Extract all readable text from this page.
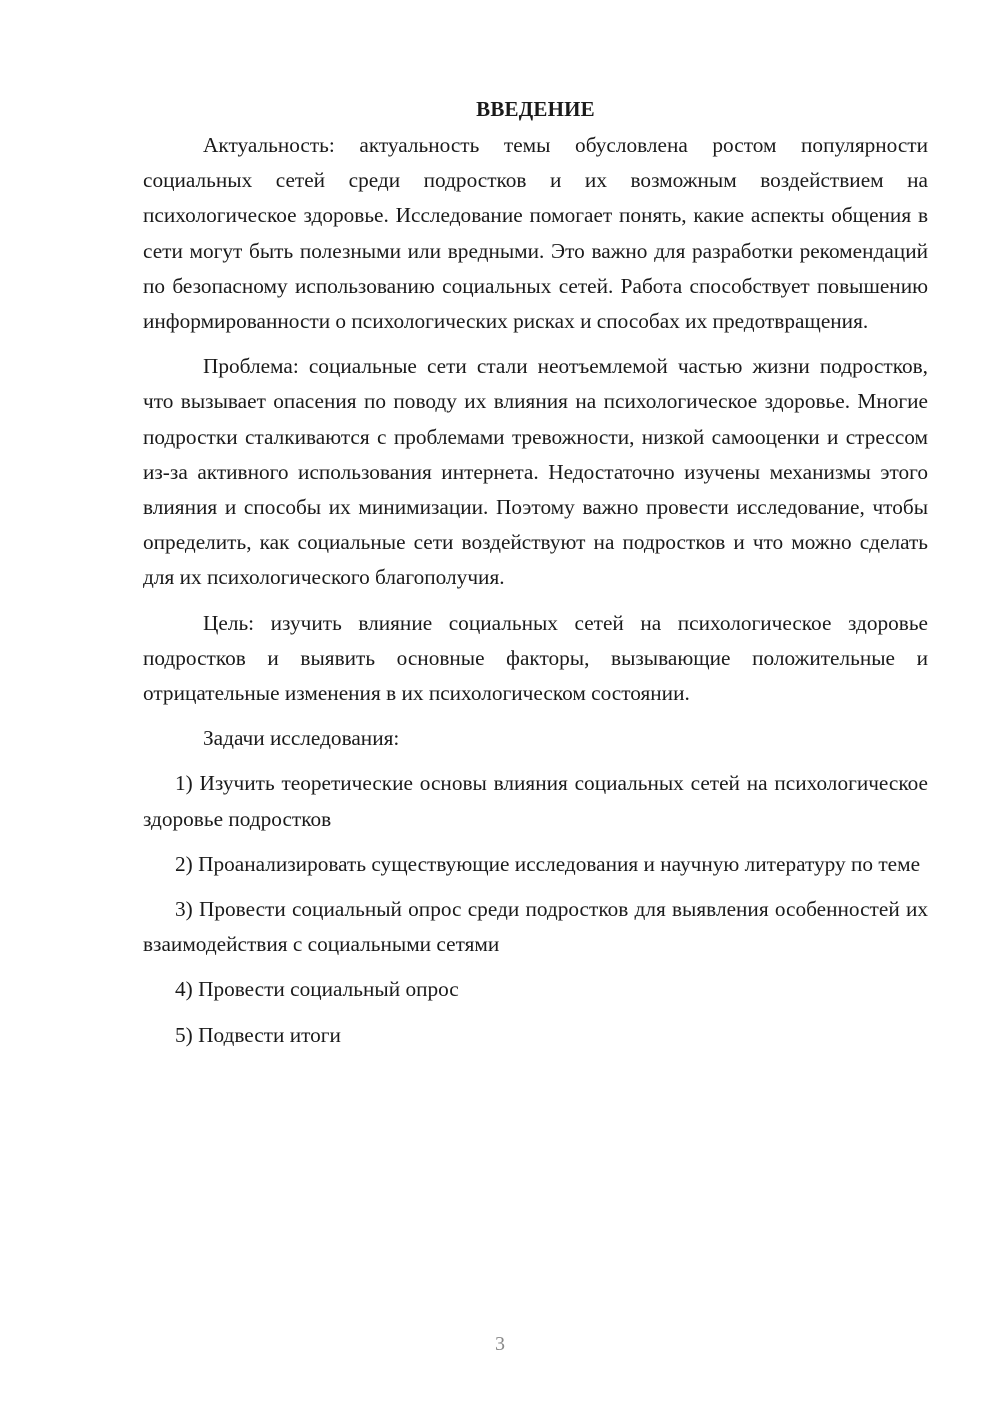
ВВЕДЕНИЕ

Актуальность: актуальность темы обусловлена ростом популярности социальных сетей среди подростков и их возможным воздействием на психологическое здоровье. Исследование помогает понять, какие аспекты общения в сети могут быть полезными или вредными. Это важно для разработки рекомендаций по безопасному использованию социальных сетей. Работа способствует повышению информированности о психологических рисках и способах их предотвращения.

Проблема: социальные сети стали неотъемлемой частью жизни подростков, что вызывает опасения по поводу их влияния на психологическое здоровье. Многие подростки сталкиваются с проблемами тревожности, низкой самооценки и стрессом из-за активного использования интернета. Недостаточно изучены механизмы этого влияния и способы их минимизации. Поэтому важно провести исследование, чтобы определить, как социальные сети воздействуют на подростков и что можно сделать для их психологического благополучия.

Цель: изучить влияние социальных сетей на психологическое здоровье подростков и выявить основные факторы, вызывающие положительные и отрицательные изменения в их психологическом состоянии.

Задачи исследования:

1) Изучить теоретические основы влияния социальных сетей на психологическое здоровье подростков

2) Проанализировать существующие исследования и научную литературу по теме

3) Провести социальный опрос среди подростков для выявления особенностей их взаимодействия с социальными сетями

4) Провести социальный опрос

5) Подвести итоги

3
